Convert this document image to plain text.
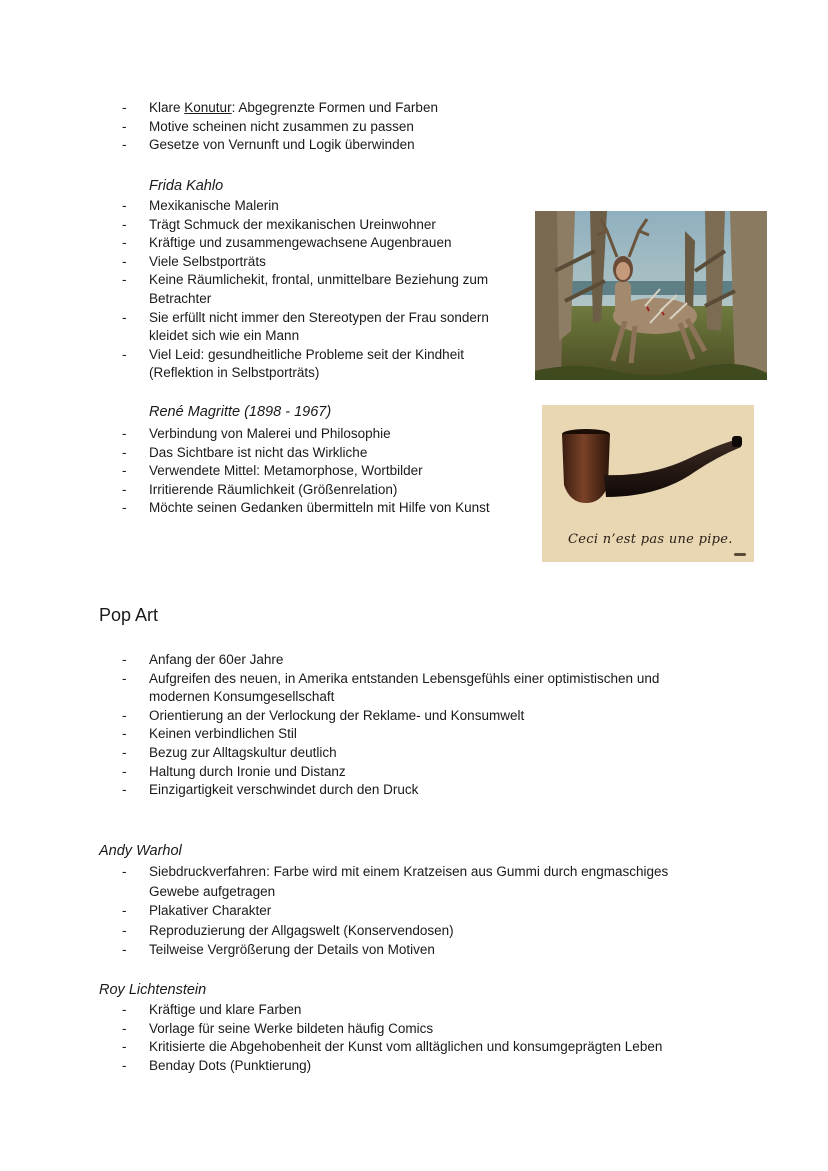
- Klare Konutur: Abgegrenzte Formen und Farben
- Motive scheinen nicht zusammen zu passen
- Gesetze von Vernunft und Logik überwinden
Frida Kahlo
- Mexikanische Malerin
- Trägt Schmuck der mexikanischen Ureinwohner
- Kräftige und zusammengewachsene Augenbrauen
- Viele Selbstporträts
- Keine Räumlichekit, frontal, unmittelbare Beziehung zum Betrachter
- Sie erfüllt nicht immer den Stereotypen der Frau sondern kleidet sich wie ein Mann
- Viel Leid: gesundheitliche Probleme seit der Kindheit (Reflektion in Selbstporträts)
René Magritte (1898 - 1967)
- Verbindung von Malerei und Philosophie
- Das Sichtbare ist nicht das Wirkliche
- Verwendete Mittel: Metamorphose, Wortbilder
- Irritierende Räumlichkeit (Größenrelation)
- Möchte seinen Gedanken übermitteln mit Hilfe von Kunst
Ceci n’est pas une pipe.
Pop Art
- Anfang der 60er Jahre
- Aufgreifen des neuen, in Amerika entstanden Lebensgefühls einer optimistischen und modernen Konsumgesellschaft
- Orientierung an der Verlockung der Reklame- und Konsumwelt
- Keinen verbindlichen Stil
- Bezug zur Alltagskultur deutlich
- Haltung durch Ironie und Distanz
- Einzigartigkeit verschwindet durch den Druck
Andy Warhol
- Siebdruckverfahren: Farbe wird mit einem Kratzeisen aus Gummi durch engmaschiges Gewebe aufgetragen
- Plakativer Charakter
- Reproduzierung der Allgagswelt (Konservendosen)
- Teilweise Vergrößerung der Details von Motiven
Roy Lichtenstein
- Kräftige und klare Farben
- Vorlage für seine Werke bildeten häufig Comics
- Kritisierte die Abgehobenheit der Kunst vom alltäglichen und konsumgeprägten Leben
- Benday Dots (Punktierung)
